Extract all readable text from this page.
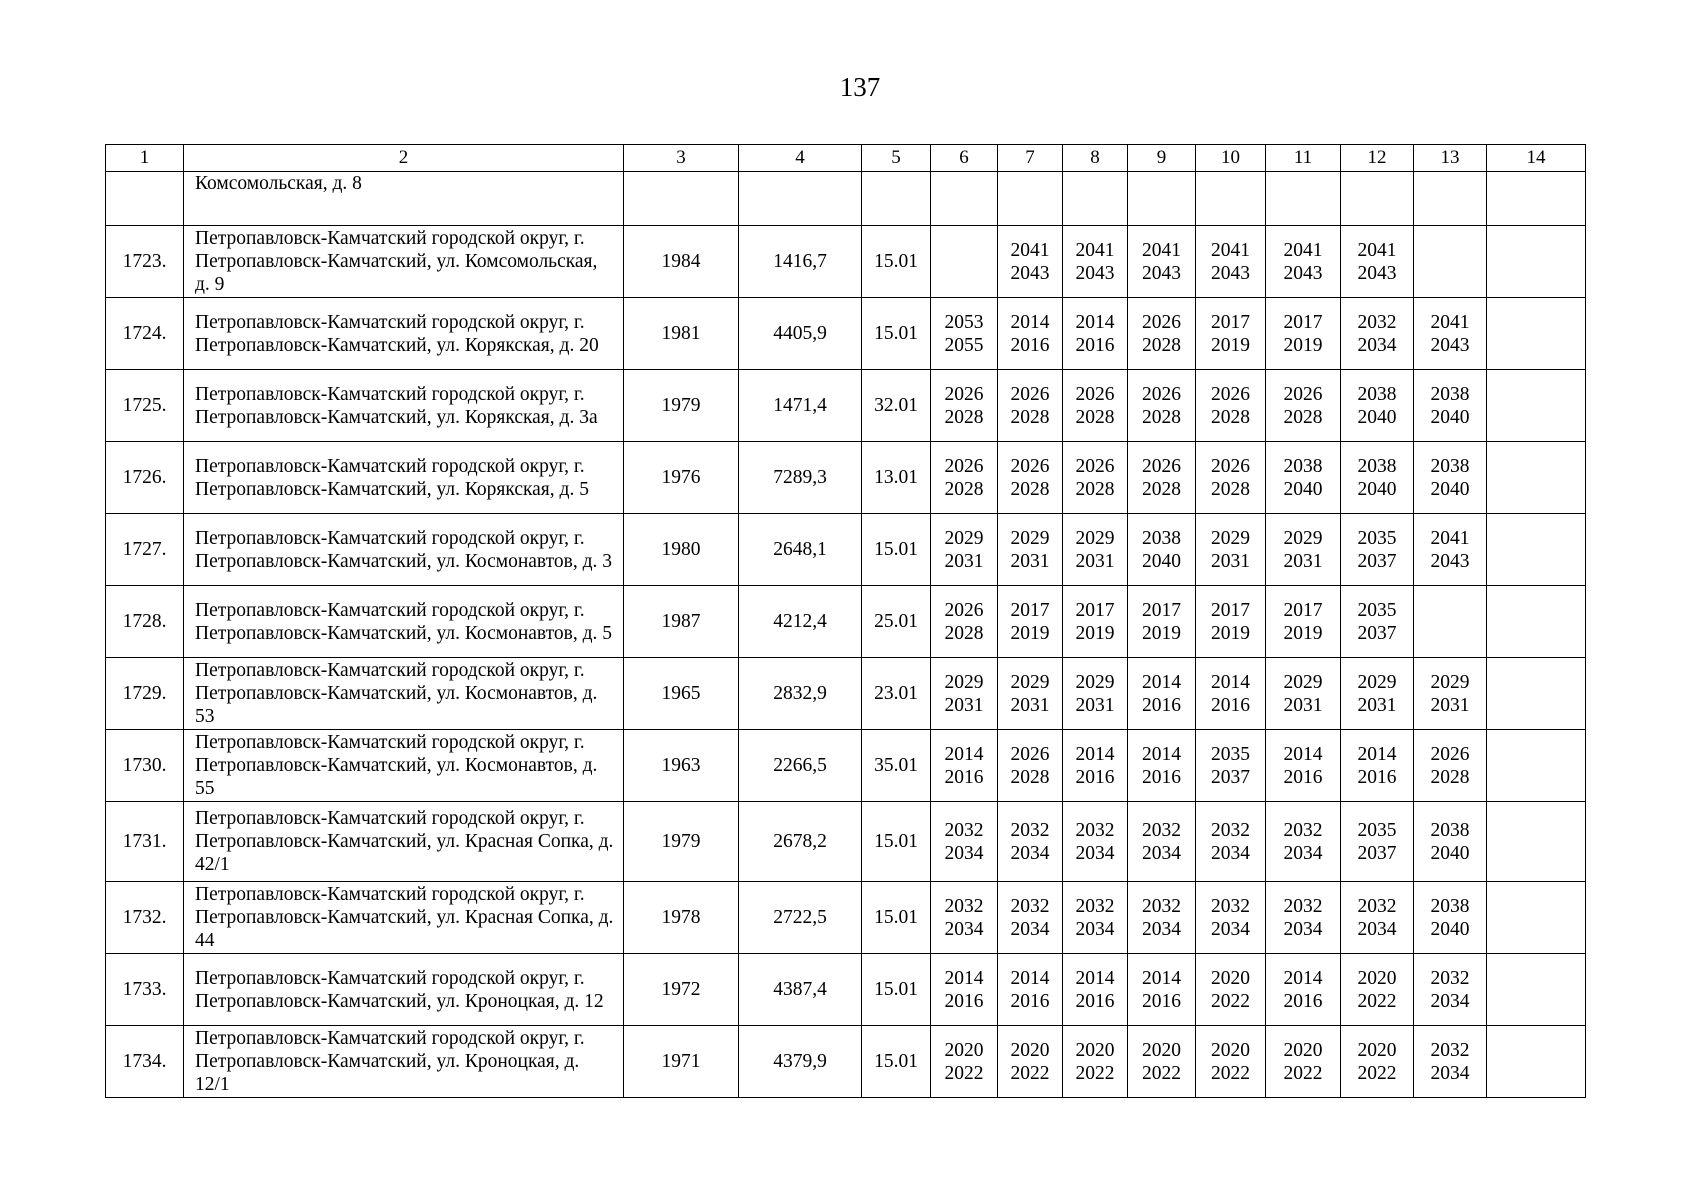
137
1	2	3	4	5	6	7	8	9	10	11	12	13	14
	Комсомольская, д. 8												
1723.	Петропавловск-Камчатский городской округ, г. Петропавловск-Камчатский, ул. Комсомольская, д. 9	1984	1416,7	15.01		2041
2043	2041
2043	2041
2043	2041
2043	2041
2043	2041
2043		

1724.	Петропавловск-Камчатский городской округ, г. Петропавловск-Камчатский, ул. Корякская, д. 20	1981	4405,9	15.01	2053
2055	2014
2016	2014
2016	2026
2028	2017
2019	2017
2019	2032
2034	2041
2043	

1725.	Петропавловск-Камчатский городской округ, г. Петропавловск-Камчатский, ул. Корякская, д. 3а	1979	1471,4	32.01	2026
2028	2026
2028	2026
2028	2026
2028	2026
2028	2026
2028	2038
2040	2038
2040	

1726.	Петропавловск-Камчатский городской округ, г. Петропавловск-Камчатский, ул. Корякская, д. 5	1976	7289,3	13.01	2026
2028	2026
2028	2026
2028	2026
2028	2026
2028	2038
2040	2038
2040	2038
2040	

1727.	Петропавловск-Камчатский городской округ, г. Петропавловск-Камчатский, ул. Космонавтов, д. 3	1980	2648,1	15.01	2029
2031	2029
2031	2029
2031	2038
2040	2029
2031	2029
2031	2035
2037	2041
2043	

1728.	Петропавловск-Камчатский городской округ, г. Петропавловск-Камчатский, ул. Космонавтов, д. 5	1987	4212,4	25.01	2026
2028	2017
2019	2017
2019	2017
2019	2017
2019	2017
2019	2035
2037		

1729.	Петропавловск-Камчатский городской округ, г. Петропавловск-Камчатский, ул. Космонавтов, д. 53	1965	2832,9	23.01	2029
2031	2029
2031	2029
2031	2014
2016	2014
2016	2029
2031	2029
2031	2029
2031	

1730.	Петропавловск-Камчатский городской округ, г. Петропавловск-Камчатский, ул. Космонавтов, д. 55	1963	2266,5	35.01	2014
2016	2026
2028	2014
2016	2014
2016	2035
2037	2014
2016	2014
2016	2026
2028	

1731.	Петропавловск-Камчатский городской округ, г. Петропавловск-Камчатский, ул. Красная Сопка, д. 42/1	1979	2678,2	15.01	2032
2034	2032
2034	2032
2034	2032
2034	2032
2034	2032
2034	2035
2037	2038
2040	

1732.	Петропавловск-Камчатский городской округ, г. Петропавловск-Камчатский, ул. Красная Сопка, д. 44	1978	2722,5	15.01	2032
2034	2032
2034	2032
2034	2032
2034	2032
2034	2032
2034	2032
2034	2038
2040	

1733.	Петропавловск-Камчатский городской округ, г. Петропавловск-Камчатский, ул. Кроноцкая, д. 12	1972	4387,4	15.01	2014
2016	2014
2016	2014
2016	2014
2016	2020
2022	2014
2016	2020
2022	2032
2034	

1734.	Петропавловск-Камчатский городской округ, г. Петропавловск-Камчатский, ул. Кроноцкая, д. 12/1	1971	4379,9	15.01	2020
2022	2020
2022	2020
2022	2020
2022	2020
2022	2020
2022	2020
2022	2032
2034	
